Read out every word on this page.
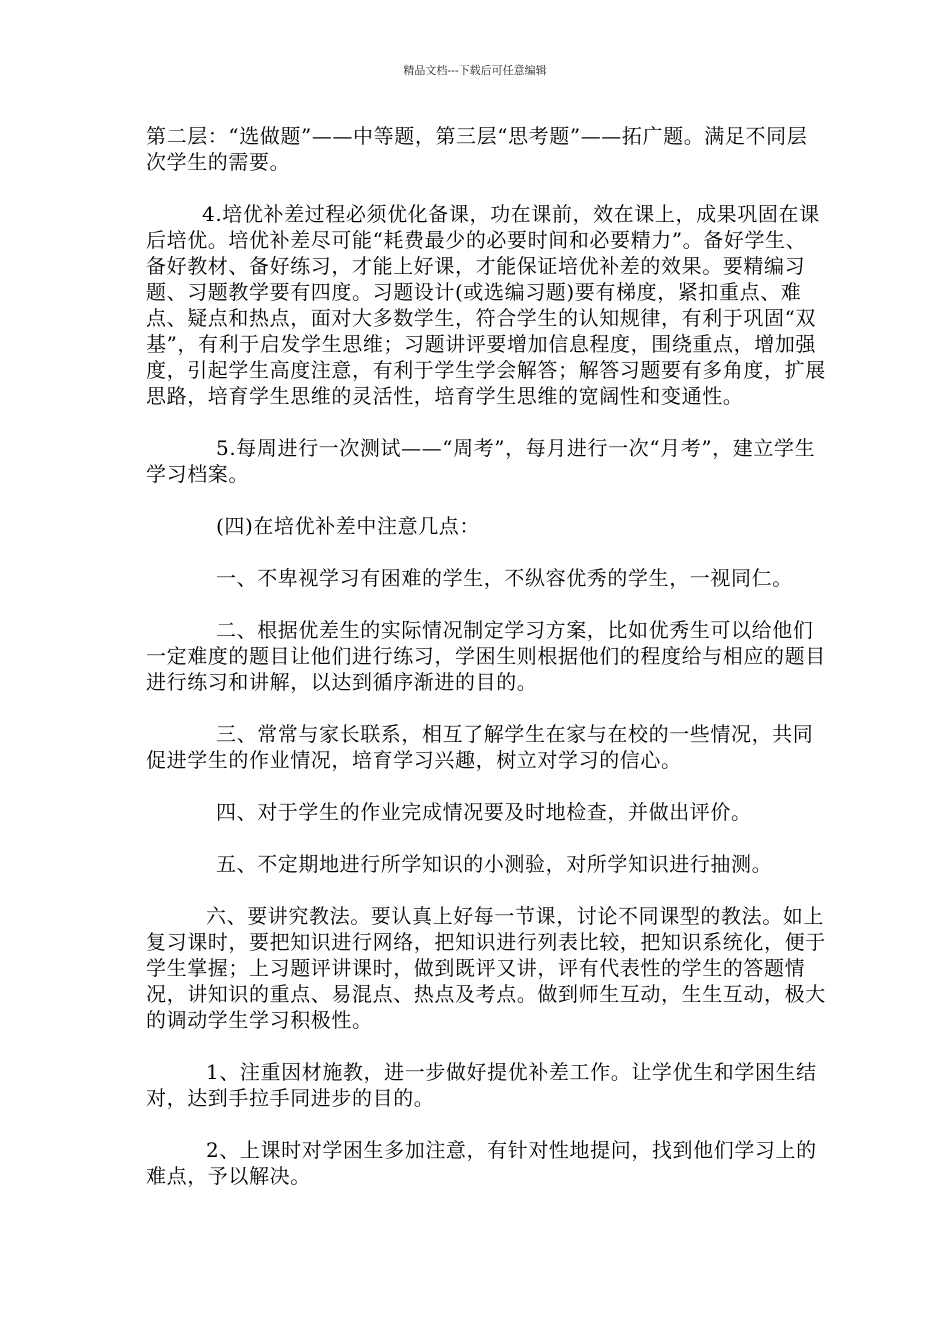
精品文档---下载后可任意编辑

第二层：“选做题”——中等题，第三层“思考题”——拓广题。满足不同层次学生的需要。

4.培优补差过程必须优化备课，功在课前，效在课上，成果巩固在课后培优。培优补差尽可能“耗费最少的必要时间和必要精力”。备好学生、备好教材、备好练习，才能上好课，才能保证培优补差的效果。要精编习题、习题教学要有四度。习题设计(或选编习题)要有梯度，紧扣重点、难点、疑点和热点，面对大多数学生，符合学生的认知规律，有利于巩固“双基”，有利于启发学生思维；习题讲评要增加信息程度，围绕重点，增加强度，引起学生高度注意，有利于学生学会解答；解答习题要有多角度，扩展思路，培育学生思维的灵活性，培育学生思维的宽阔性和变通性。

5.每周进行一次测试——“周考”，每月进行一次“月考”，建立学生学习档案。

(四)在培优补差中注意几点：

一、不卑视学习有困难的学生，不纵容优秀的学生，一视同仁。

二、根据优差生的实际情况制定学习方案，比如优秀生可以给他们一定难度的题目让他们进行练习，学困生则根据他们的程度给与相应的题目进行练习和讲解，以达到循序渐进的目的。

三、常常与家长联系，相互了解学生在家与在校的一些情况，共同促进学生的作业情况，培育学习兴趣，树立对学习的信心。

四、对于学生的作业完成情况要及时地检查，并做出评价。

五、不定期地进行所学知识的小测验，对所学知识进行抽测。

六、要讲究教法。要认真上好每一节课，讨论不同课型的教法。如上复习课时，要把知识进行网络，把知识进行列表比较，把知识系统化，便于学生掌握；上习题评讲课时，做到既评又讲，评有代表性的学生的答题情况，讲知识的重点、易混点、热点及考点。做到师生互动，生生互动，极大的调动学生学习积极性。

1、注重因材施教，进一步做好提优补差工作。让学优生和学困生结对，达到手拉手同进步的目的。

2、上课时对学困生多加注意，有针对性地提问，找到他们学习上的难点，予以解决。
